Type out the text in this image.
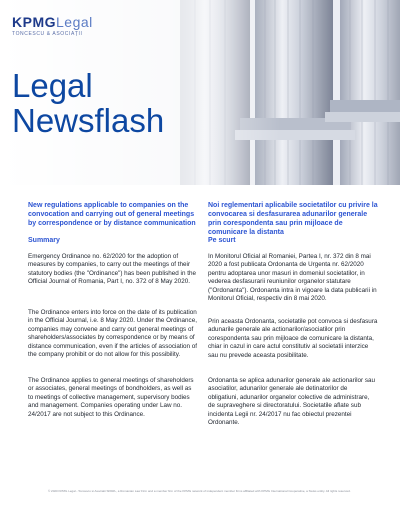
KPMGLegal
TONCESCU & ASOCIAȚII
Legal
Newsflash
New regulations applicable to companies on the convocation and carrying out of general meetings by correspondence or by distance communication
Summary
Emergency Ordinance no. 62/2020 for the adoption of measures by companies, to carry out the meetings of their statutory bodies (the "Ordinance") has been published in the Official Journal of Romania, Part I, no. 372 of 8 May 2020.
The Ordinance enters into force on the date of its publication in the Official Journal, i.e. 8 May 2020. Under the Ordinance, companies may convene and carry out general meetings of shareholders/associates by correspondence or by means of distance communication, even if the articles of association of the company prohibit or do not allow for this possibility.
The Ordinance applies to general meetings of shareholders or associates, general meetings of bondholders, as well as to meetings of collective management, supervisory bodies and management. Companies operating under Law no. 24/2017 are not subject to this Ordinance.
Noi reglementari aplicabile societatilor cu privire la convocarea si desfasurarea adunarilor generale prin corespondenta sau prin mijloace de comunicare la distanta
Pe scurt
In Monitorul Oficial al Romaniei, Partea I, nr. 372 din 8 mai 2020 a fost publicata Ordonanta de Urgenta nr. 62/2020 pentru adoptarea unor masuri in domeniul societatilor, in vederea desfasurarii reuniunilor organelor statutare ("Ordonanta"). Ordonanta intra in vigoare la data publicarii in Monitorul Oficial, respectiv din 8 mai 2020.
Prin aceasta Ordonanta, societatile pot convoca si desfasura adunarile generale ale actionarilor/asociatilor prin corespondenta sau prin mijloace de comunicare la distanta, chiar in cazul in care actul constitutiv al societatii interzice sau nu prevede aceasta posibilitate.
Ordonanta se aplica adunarilor generale ale actionarilor sau asociatilor, adunarilor generale ale detinatorilor de obligatiuni, adunarilor organelor colective de administrare, de supraveghere si directoratului. Societatile aflate sub incidenta Legii nr. 24/2017 nu fac obiectul prezentei Ordonante.
© 2020 KPMG Legal - Toncescu si Asociatii SPARL, a Romanian Law Firm and a member firm of the KPMG network of independent member firms affiliated with KPMG International Cooperative, a Swiss entity. All rights reserved.
